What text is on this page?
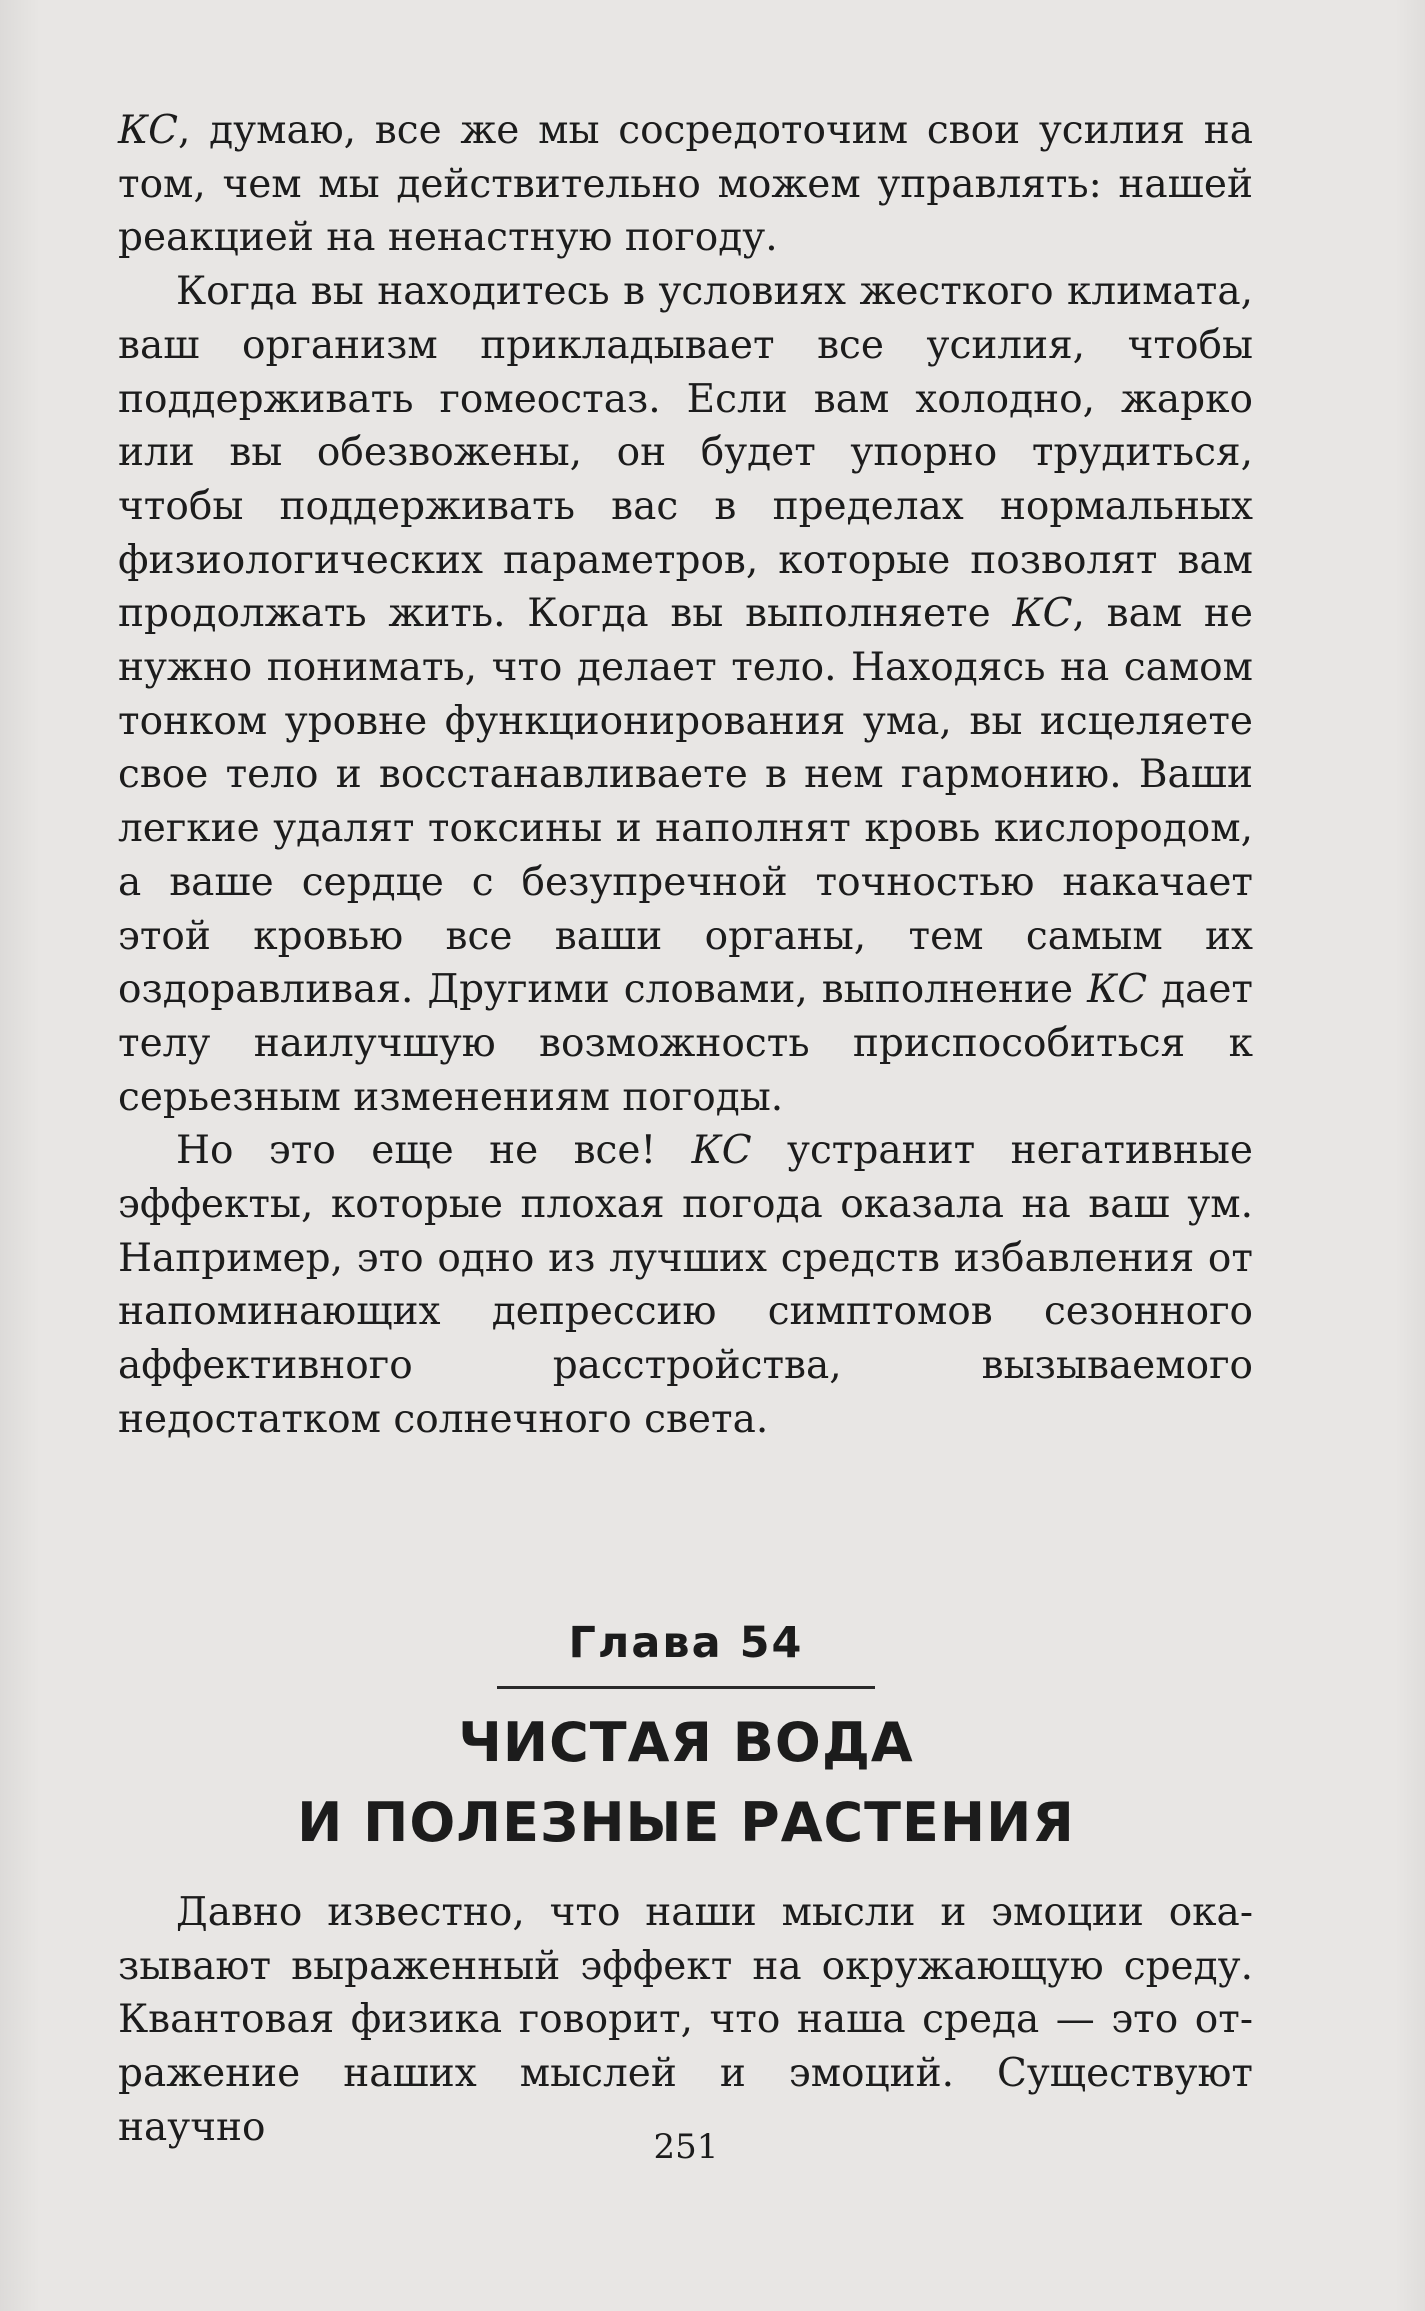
КС, думаю, все же мы сосредоточим свои усилия на том, чем мы действительно можем управлять: нашей реакцией на ненастную погоду.

Когда вы находитесь в условиях жесткого климата, ваш организм прикладывает все усилия, чтобы поддерживать гомеостаз. Если вам холодно, жарко или вы обезвожены, он будет упорно трудиться, чтобы поддерживать вас в пределах нормальных физиологических параметров, которые позволят вам продолжать жить. Когда вы выполняете КС, вам не нужно понимать, что делает тело. Находясь на самом тонком уровне функционирования ума, вы исцеляете свое тело и восстанавливаете в нем гармонию. Ваши легкие удалят токсины и наполнят кровь кислородом, а ваше сердце с безупречной точностью накачает этой кровью все ваши органы, тем самым их оздоравливая. Другими словами, выполнение КС дает телу наилучшую возможность приспособиться к серьезным изменениям погоды.

Но это еще не все! КС устранит негативные эффекты, которые плохая погода оказала на ваш ум. Например, это одно из лучших средств избавления от напоминающих депрессию симптомов сезонного аффективного расстройства, вызываемого недостатком солнечного света.

Глава 54
ЧИСТАЯ ВОДА
И ПОЛЕЗНЫЕ РАСТЕНИЯ

Давно известно, что наши мысли и эмоции оказывают выраженный эффект на окружающую среду. Квантовая физика говорит, что наша среда — это отражение наших мыслей и эмоций. Существуют научно	251
